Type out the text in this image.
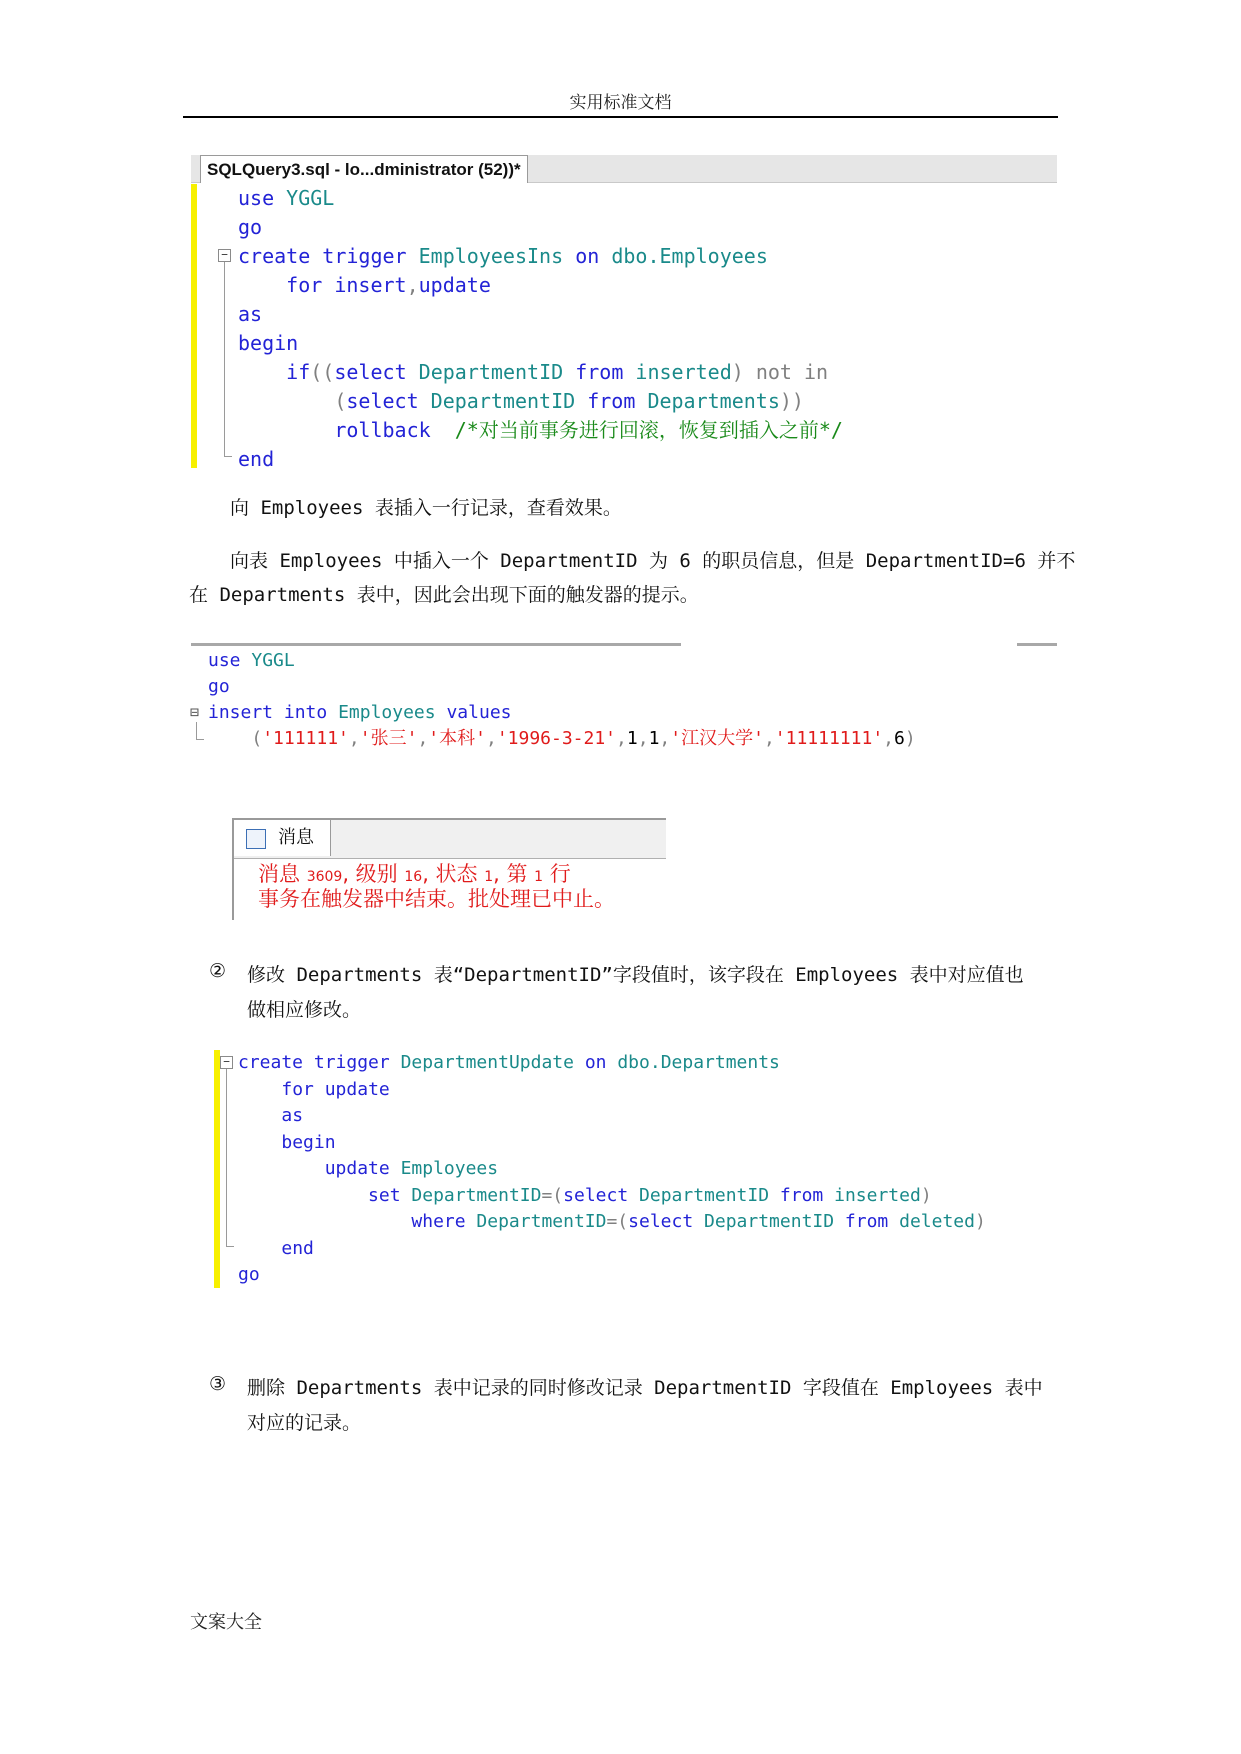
实用标准文档
文案大全
SQLQuery3.sql - lo...dministrator (52))*
−
use YGGL
go
create trigger EmployeesIns on dbo.Employees
for insert,update
as
begin
if((select DepartmentID from inserted) not in
(select DepartmentID from Departments))
rollback /*对当前事务进行回滚，恢复到插入之前*/
end
向 Employees 表插入一行记录，查看效果。
向表 Employees 中插入一个 DepartmentID 为 6 的职员信息，但是 DepartmentID=6 并不
在 Departments 表中，因此会出现下面的触发器的提示。
⊟
use YGGL
go
insert into Employees values
('111111','张三','本科','1996-3-21',1,1,'江汉大学','11111111',6)
消息
消息 3609, 级别 16, 状态 1, 第 1 行
事务在触发器中结束。批处理已中止。
② 修改 Departments 表“DepartmentID”字段值时，该字段在 Employees 表中对应值也
做相应修改。
− create trigger DepartmentUpdate on dbo.Departments
for update
as
begin
update Employees
set DepartmentID=(select DepartmentID from inserted)
where DepartmentID=(select DepartmentID from deleted)
end
go
③ 删除 Departments 表中记录的同时修改记录 DepartmentID 字段值在 Employees 表中
对应的记录。
